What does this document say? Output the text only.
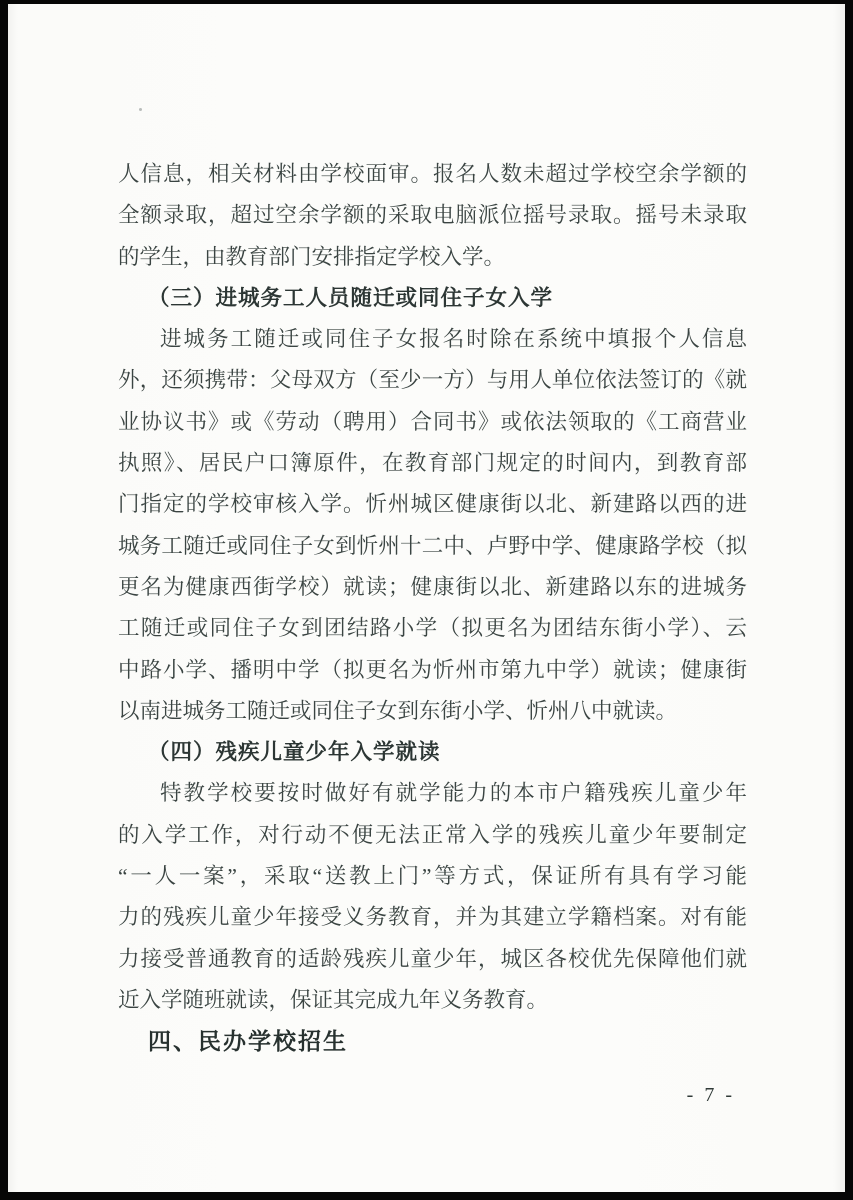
人信息，相关材料由学校面审。报名人数未超过学校空余学额的
全额录取，超过空余学额的采取电脑派位摇号录取。摇号未录取
的学生，由教育部门安排指定学校入学。
（三）进城务工人员随迁或同住子女入学
进城务工随迁或同住子女报名时除在系统中填报个人信息
外，还须携带：父母双方（至少一方）与用人单位依法签订的《就
业协议书》或《劳动（聘用）合同书》或依法领取的《工商营业
执照》、居民户口簿原件，在教育部门规定的时间内，到教育部
门指定的学校审核入学。忻州城区健康街以北、新建路以西的进
城务工随迁或同住子女到忻州十二中、卢野中学、健康路学校（拟
更名为健康西街学校）就读；健康街以北、新建路以东的进城务
工随迁或同住子女到团结路小学（拟更名为团结东街小学）、云
中路小学、播明中学（拟更名为忻州市第九中学）就读；健康街
以南进城务工随迁或同住子女到东街小学、忻州八中就读。
（四）残疾儿童少年入学就读
特教学校要按时做好有就学能力的本市户籍残疾儿童少年
的入学工作，对行动不便无法正常入学的残疾儿童少年要制定
“一人一案”，采取“送教上门”等方式，保证所有具有学习能
力的残疾儿童少年接受义务教育，并为其建立学籍档案。对有能
力接受普通教育的适龄残疾儿童少年，城区各校优先保障他们就
近入学随班就读，保证其完成九年义务教育。
四、民办学校招生
- 7 -
